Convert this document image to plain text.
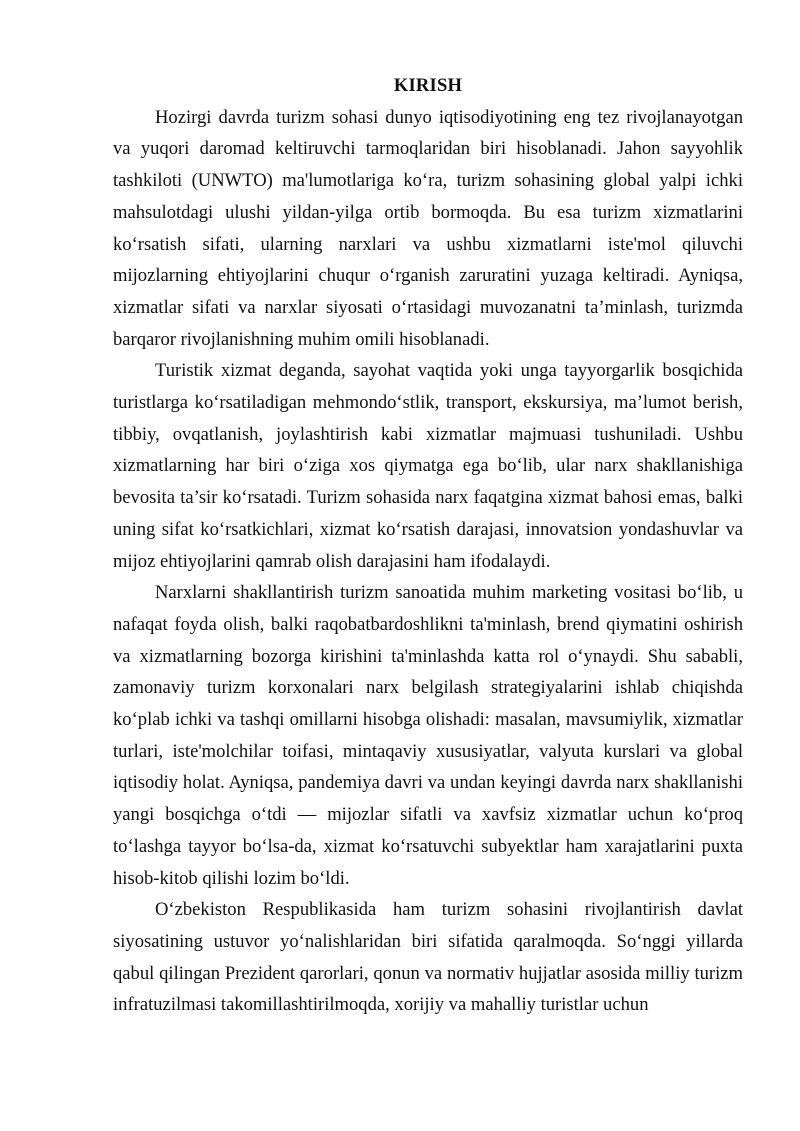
KIRISH

Hozirgi davrda turizm sohasi dunyo iqtisodiyotining eng tez rivojlanayotgan va yuqori daromad keltiruvchi tarmoqlaridan biri hisoblanadi. Jahon sayyohlik tashkiloti (UNWTO) ma'lumotlariga ko‘ra, turizm sohasining global yalpi ichki mahsulotdagi ulushi yildan-yilga ortib bormoqda. Bu esa turizm xizmatlarini ko‘rsatish sifati, ularning narxlari va ushbu xizmatlarni iste'mol qiluvchi mijozlarning ehtiyojlarini chuqur o‘rganish zaruratini yuzaga keltiradi. Ayniqsa, xizmatlar sifati va narxlar siyosati o‘rtasidagi muvozanatni ta’minlash, turizmda barqaror rivojlanishning muhim omili hisoblanadi.

Turistik xizmat deganda, sayohat vaqtida yoki unga tayyorgarlik bosqichida turistlarga ko‘rsatiladigan mehmondo‘stlik, transport, ekskursiya, ma’lumot berish, tibbiy, ovqatlanish, joylashtirish kabi xizmatlar majmuasi tushuniladi. Ushbu xizmatlarning har biri o‘ziga xos qiymatga ega bo‘lib, ular narx shakllanishiga bevosita ta’sir ko‘rsatadi. Turizm sohasida narx faqatgina xizmat bahosi emas, balki uning sifat ko‘rsatkichlari, xizmat ko‘rsatish darajasi, innovatsion yondashuvlar va mijoz ehtiyojlarini qamrab olish darajasini ham ifodalaydi.

Narxlarni shakllantirish turizm sanoatida muhim marketing vositasi bo‘lib, u nafaqat foyda olish, balki raqobatbardoshlikni ta'minlash, brend qiymatini oshirish va xizmatlarning bozorga kirishini ta'minlashda katta rol o‘ynaydi. Shu sababli, zamonaviy turizm korxonalari narx belgilash strategiyalarini ishlab chiqishda ko‘plab ichki va tashqi omillarni hisobga olishadi: masalan, mavsumiylik, xizmatlar turlari, iste'molchilar toifasi, mintaqaviy xususiyatlar, valyuta kurslari va global iqtisodiy holat. Ayniqsa, pandemiya davri va undan keyingi davrda narx shakllanishi yangi bosqichga o‘tdi — mijozlar sifatli va xavfsiz xizmatlar uchun ko‘proq to‘lashga tayyor bo‘lsa-da, xizmat ko‘rsatuvchi subyektlar ham xarajatlarini puxta hisob-kitob qilishi lozim bo‘ldi.

O‘zbekiston Respublikasida ham turizm sohasini rivojlantirish davlat siyosatining ustuvor yo‘nalishlaridan biri sifatida qaralmoqda. So‘nggi yillarda qabul qilingan Prezident qarorlari, qonun va normativ hujjatlar asosida milliy turizm infratuzilmasi takomillashtirilmoqda, xorijiy va mahalliy turistlar uchun
